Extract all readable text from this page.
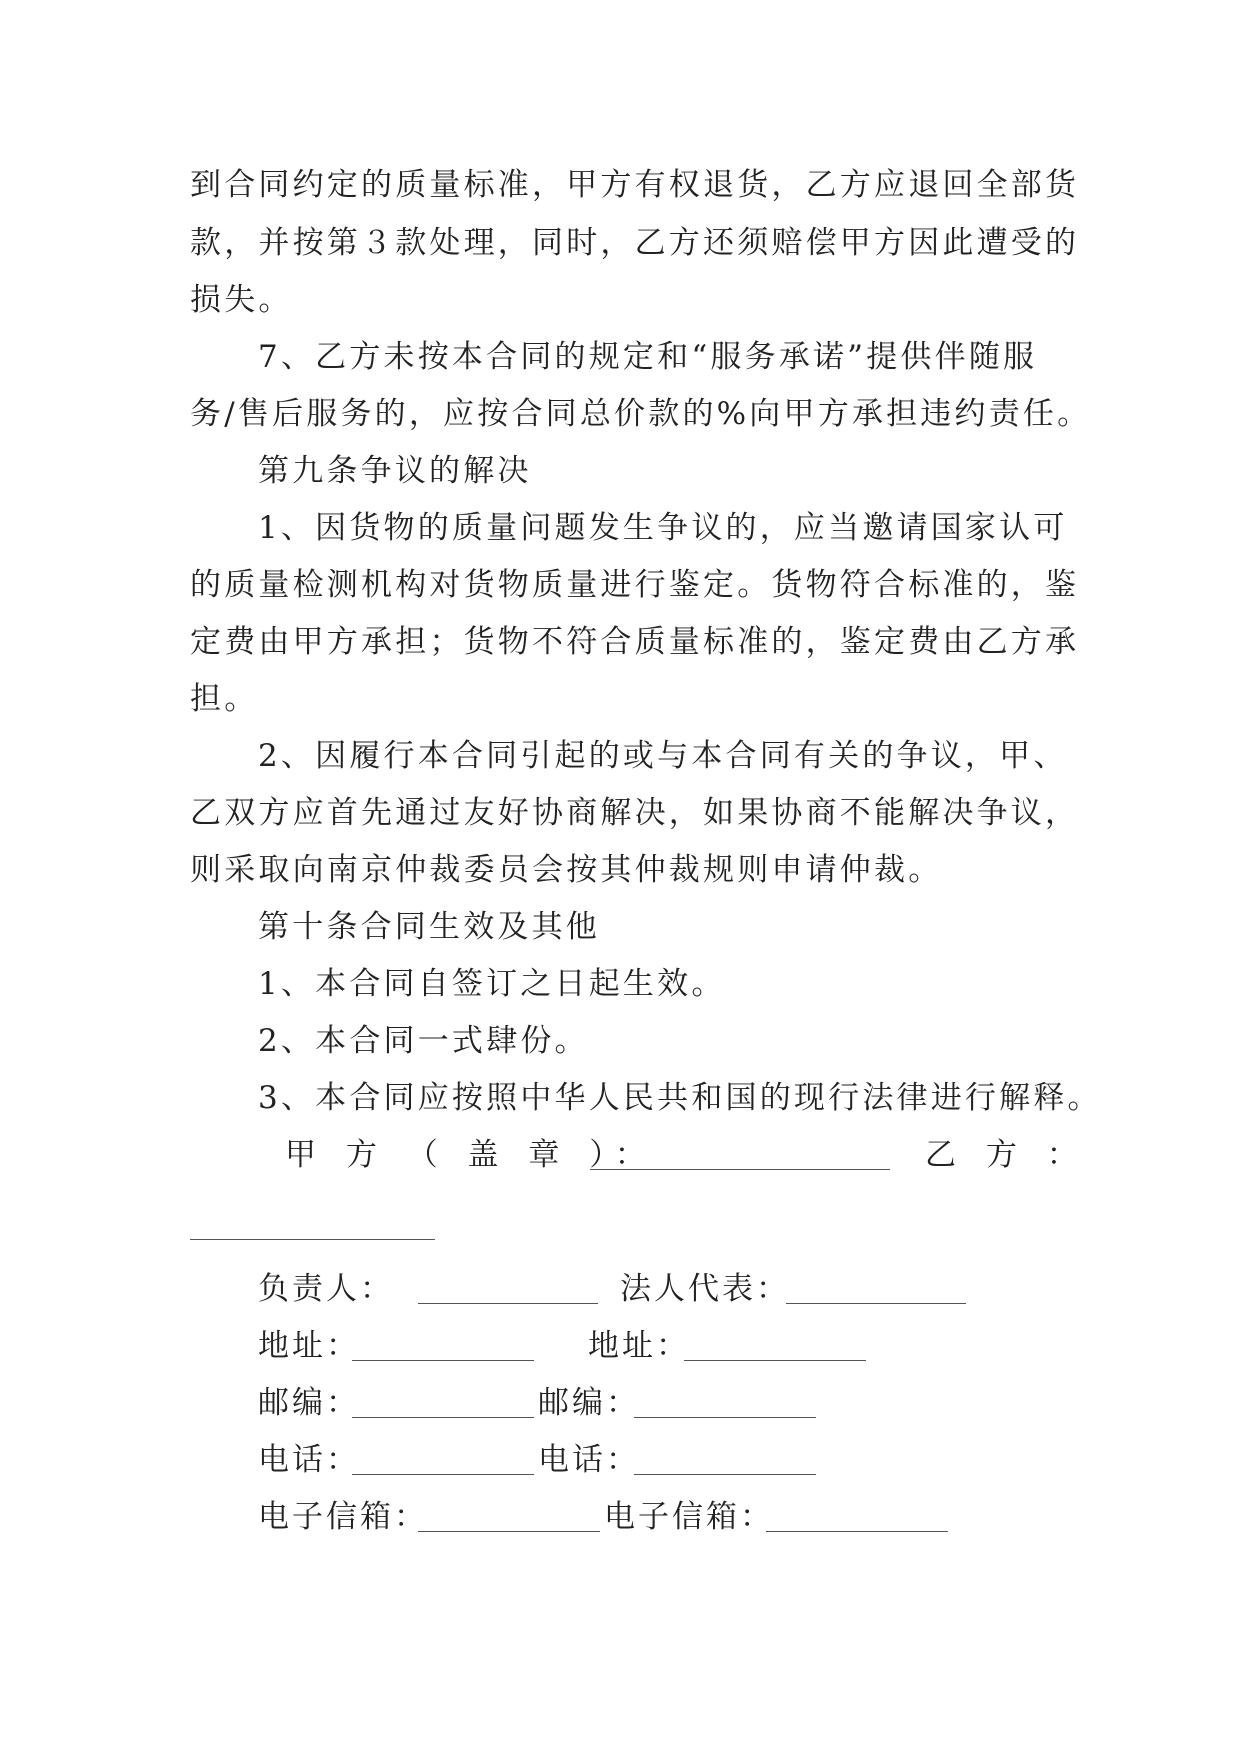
到合同约定的质量标准，甲方有权退货，乙方应退回全部货
款，并按第３款处理，同时，乙方还须赔偿甲方因此遭受的
损失。
7、乙方未按本合同的规定和“服务承诺”提供伴随服
务/售后服务的，应按合同总价款的%向甲方承担违约责任。
第九条争议的解决
1、因货物的质量问题发生争议的，应当邀请国家认可
的质量检测机构对货物质量进行鉴定。货物符合标准的，鉴
定费由甲方承担；货物不符合质量标准的，鉴定费由乙方承
担。
2、因履行本合同引起的或与本合同有关的争议，甲、
乙双方应首先通过友好协商解决，如果协商不能解决争议，
则采取向南京仲裁委员会按其仲裁规则申请仲裁。
第十条合同生效及其他
1、本合同自签订之日起生效。
2、本合同一式肆份。
3、本合同应按照中华人民共和国的现行法律进行解释。
甲 方 （ 盖 章 ）：	乙 方 ：
负责人：	法人代表：
地址：	地址：
邮编：	邮编：
电话：	电话：
电子信箱：	电子信箱：
